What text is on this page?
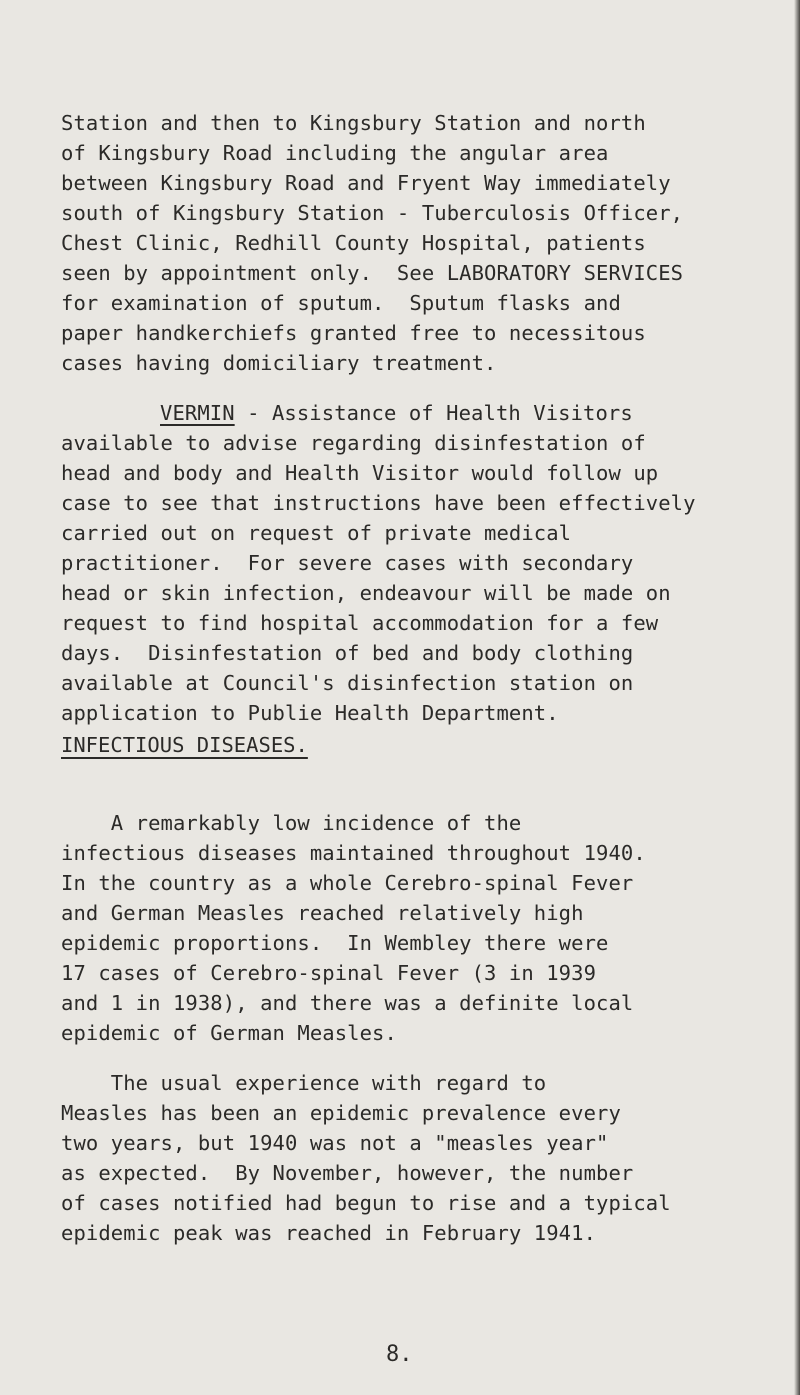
Station and then to Kingsbury Station and north
of Kingsbury Road including the angular area
between Kingsbury Road and Fryent Way immediately
south of Kingsbury Station - Tuberculosis Officer,
Chest Clinic, Redhill County Hospital, patients
seen by appointment only.  See LABORATORY SERVICES
for examination of sputum.  Sputum flasks and
paper handkerchiefs granted free to necessitous
cases having domiciliary treatment.
VERMIN - Assistance of Health Visitors
available to advise regarding disinfestation of
head and body and Health Visitor would follow up
case to see that instructions have been effectively
carried out on request of private medical
practitioner.  For severe cases with secondary
head or skin infection, endeavour will be made on
request to find hospital accommodation for a few
days.  Disinfestation of bed and body clothing
available at Council's disinfection station on
application to Publie Health Department.
INFECTIOUS DISEASES.
A remarkably low incidence of the
infectious diseases maintained throughout 1940.
In the country as a whole Cerebro-spinal Fever
and German Measles reached relatively high
epidemic proportions.  In Wembley there were
17 cases of Cerebro-spinal Fever (3 in 1939
and 1 in 1938), and there was a definite local
epidemic of German Measles.
The usual experience with regard to
Measles has been an epidemic prevalence every
two years, but 1940 was not a "measles year"
as expected.  By November, however, the number
of cases notified had begun to rise and a typical
epidemic peak was reached in February 1941.
8.
